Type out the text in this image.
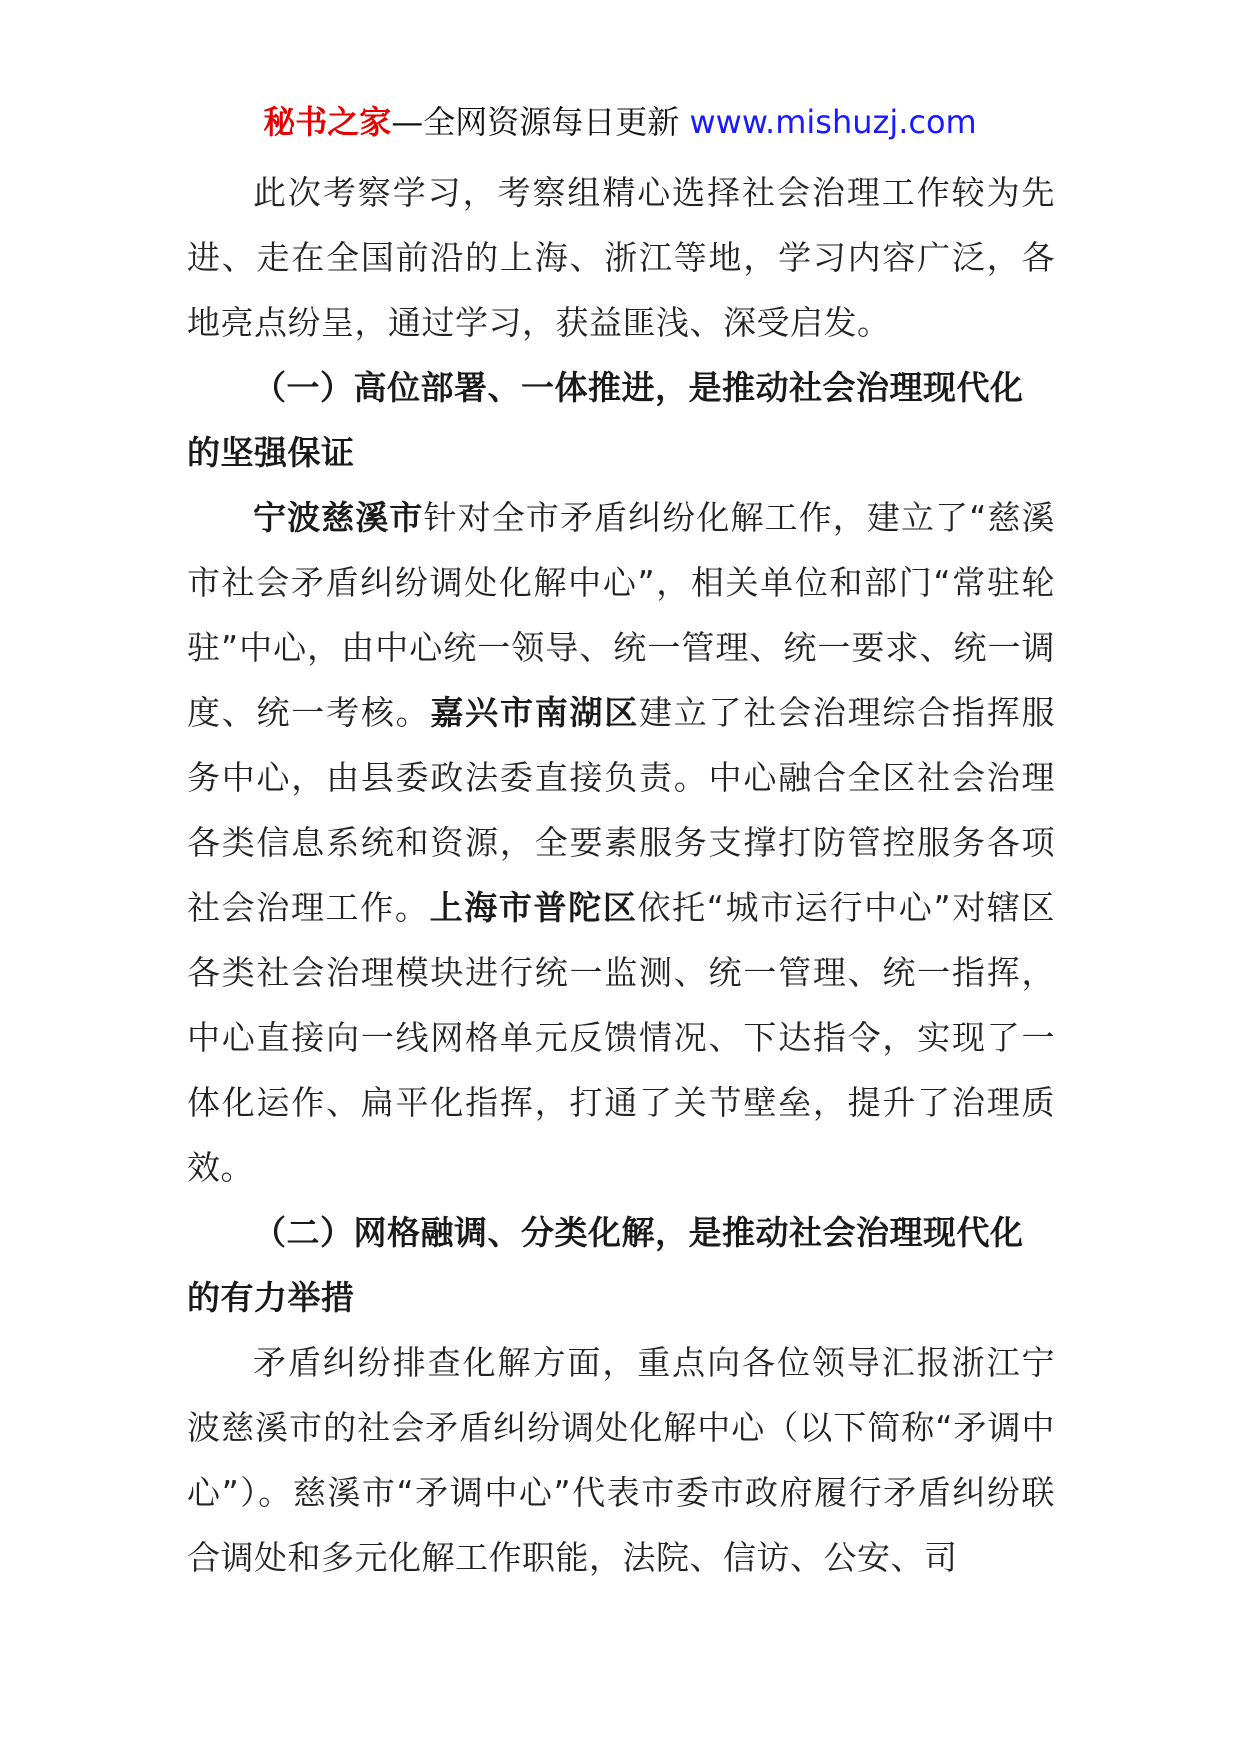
秘书之家—全网资源每日更新 www.mishuzj.com

此次考察学习，考察组精心选择社会治理工作较为先进、走在全国前沿的上海、浙江等地，学习内容广泛，各地亮点纷呈，通过学习，获益匪浅、深受启发。

（一）高位部署、一体推进，是推动社会治理现代化的坚强保证

宁波慈溪市针对全市矛盾纠纷化解工作，建立了“慈溪市社会矛盾纠纷调处化解中心”，相关单位和部门“常驻轮驻”中心，由中心统一领导、统一管理、统一要求、统一调度、统一考核。嘉兴市南湖区建立了社会治理综合指挥服务中心，由县委政法委直接负责。中心融合全区社会治理各类信息系统和资源，全要素服务支撑打防管控服务各项社会治理工作。上海市普陀区依托“城市运行中心”对辖区各类社会治理模块进行统一监测、统一管理、统一指挥，中心直接向一线网格单元反馈情况、下达指令，实现了一体化运作、扁平化指挥，打通了关节壁垒，提升了治理质效。

（二）网格融调、分类化解，是推动社会治理现代化的有力举措

矛盾纠纷排查化解方面，重点向各位领导汇报浙江宁波慈溪市的社会矛盾纠纷调处化解中心（以下简称“矛调中心”）。慈溪市“矛调中心”代表市委市政府履行矛盾纠纷联合调处和多元化解工作职能，法院、信访、公安、司
